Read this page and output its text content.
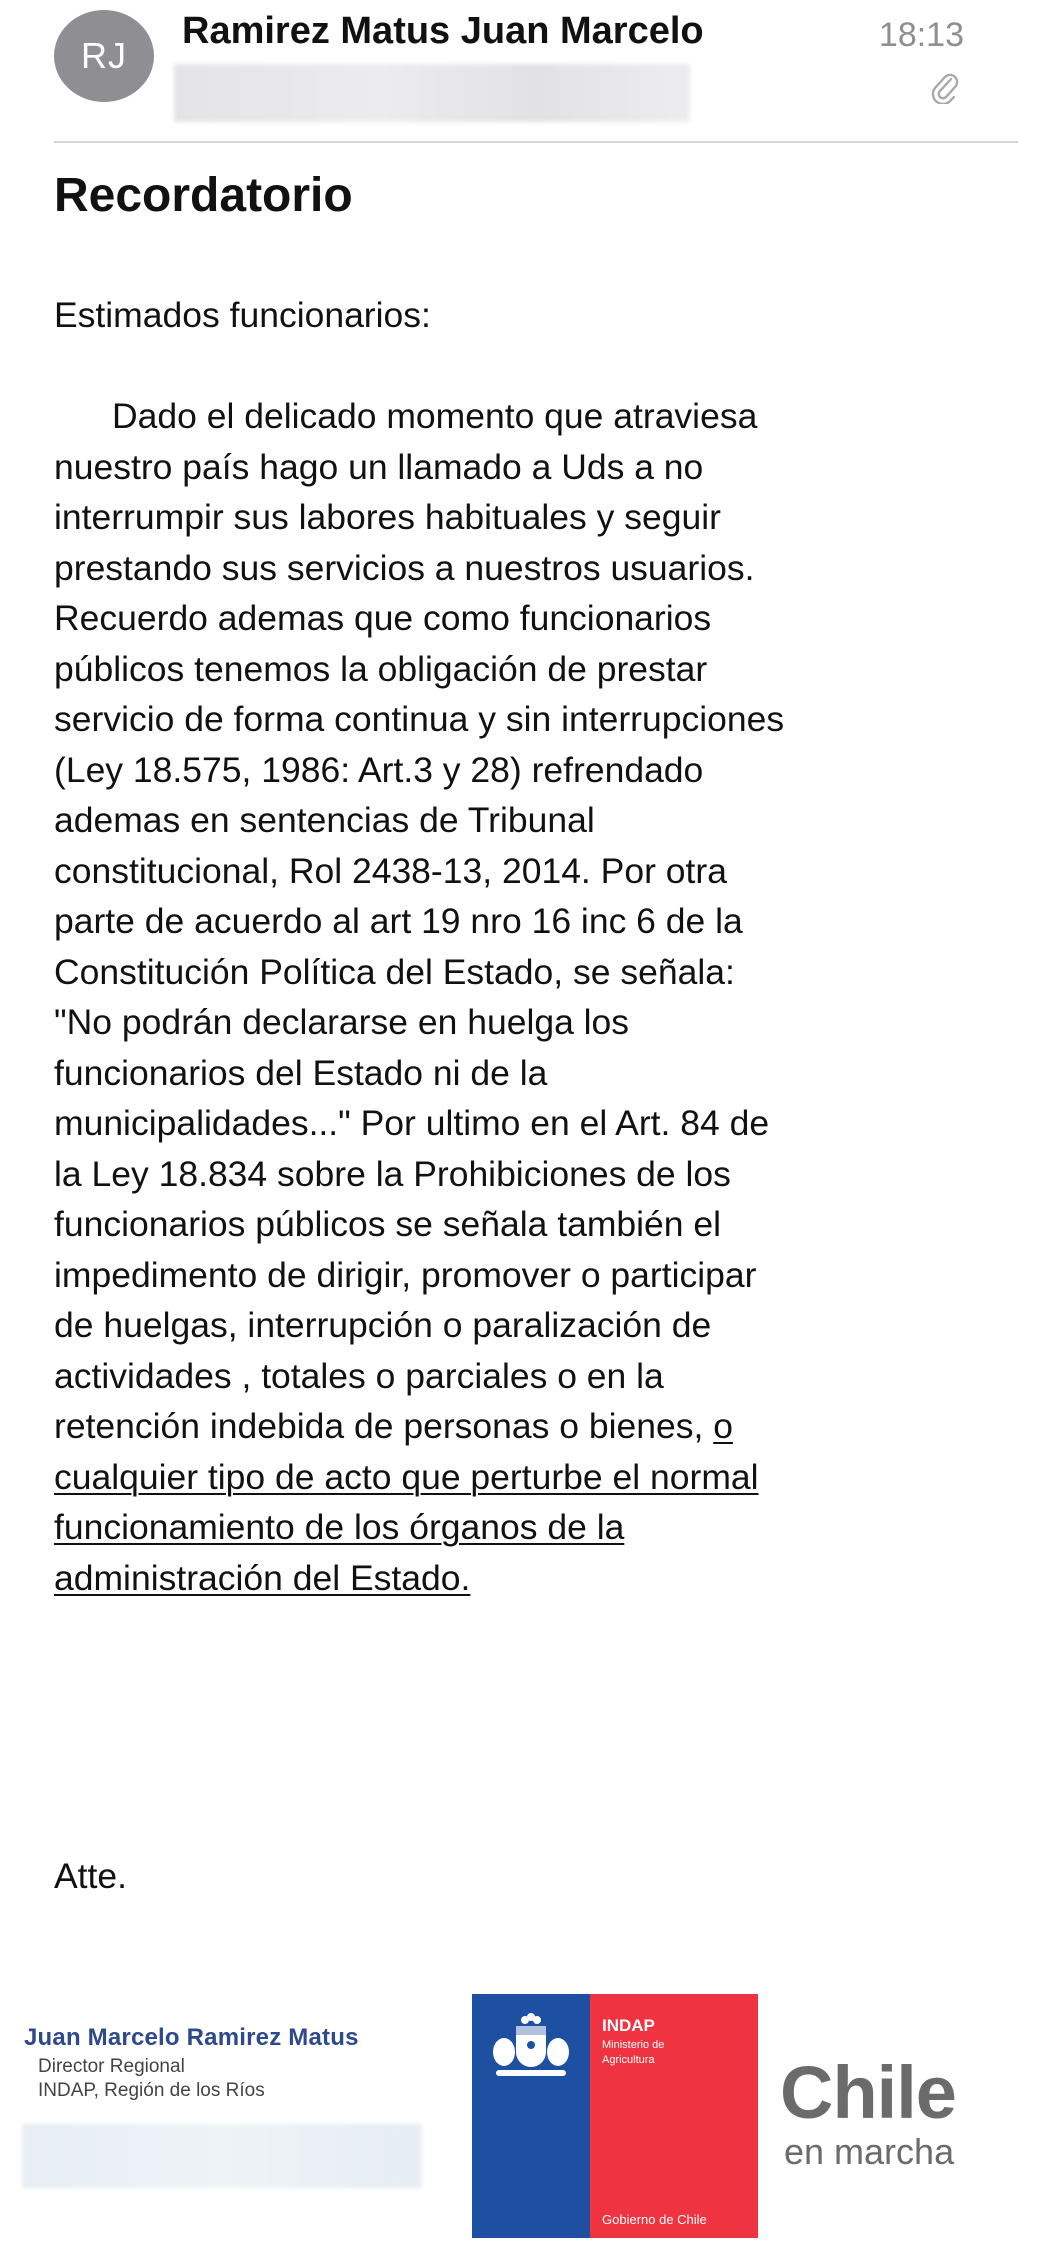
RJ
Ramirez Matus Juan Marcelo	18:13
Recordatorio
Estimados funcionarios:
Dado el delicado momento que atraviesa
nuestro país hago un llamado a Uds a no
interrumpir sus labores habituales y seguir
prestando sus servicios a nuestros usuarios.
Recuerdo ademas que como funcionarios
públicos tenemos la obligación de prestar
servicio de forma continua y sin interrupciones
(Ley 18.575, 1986: Art.3 y 28) refrendado
ademas en sentencias de Tribunal
constitucional, Rol 2438-13, 2014. Por otra
parte de acuerdo al art 19 nro 16 inc 6 de la
Constitución Política del Estado, se señala:
"No podrán declararse en huelga los
funcionarios del Estado ni de la
municipalidades..." Por ultimo en el Art. 84 de
la Ley 18.834 sobre la Prohibiciones de los
funcionarios públicos se señala también el
impedimento de dirigir, promover o participar
de huelgas, interrupción o paralización de
actividades , totales o parciales o en la
retención indebida de personas o bienes, o
cualquier tipo de acto que perturbe el normal
funcionamiento de los órganos de la
administración del Estado.
Atte.
Juan Marcelo Ramirez Matus
Director Regional
INDAP, Región de los Ríos
INDAP
Ministerio de Agricultura
Gobierno de Chile
Chile
en marcha
